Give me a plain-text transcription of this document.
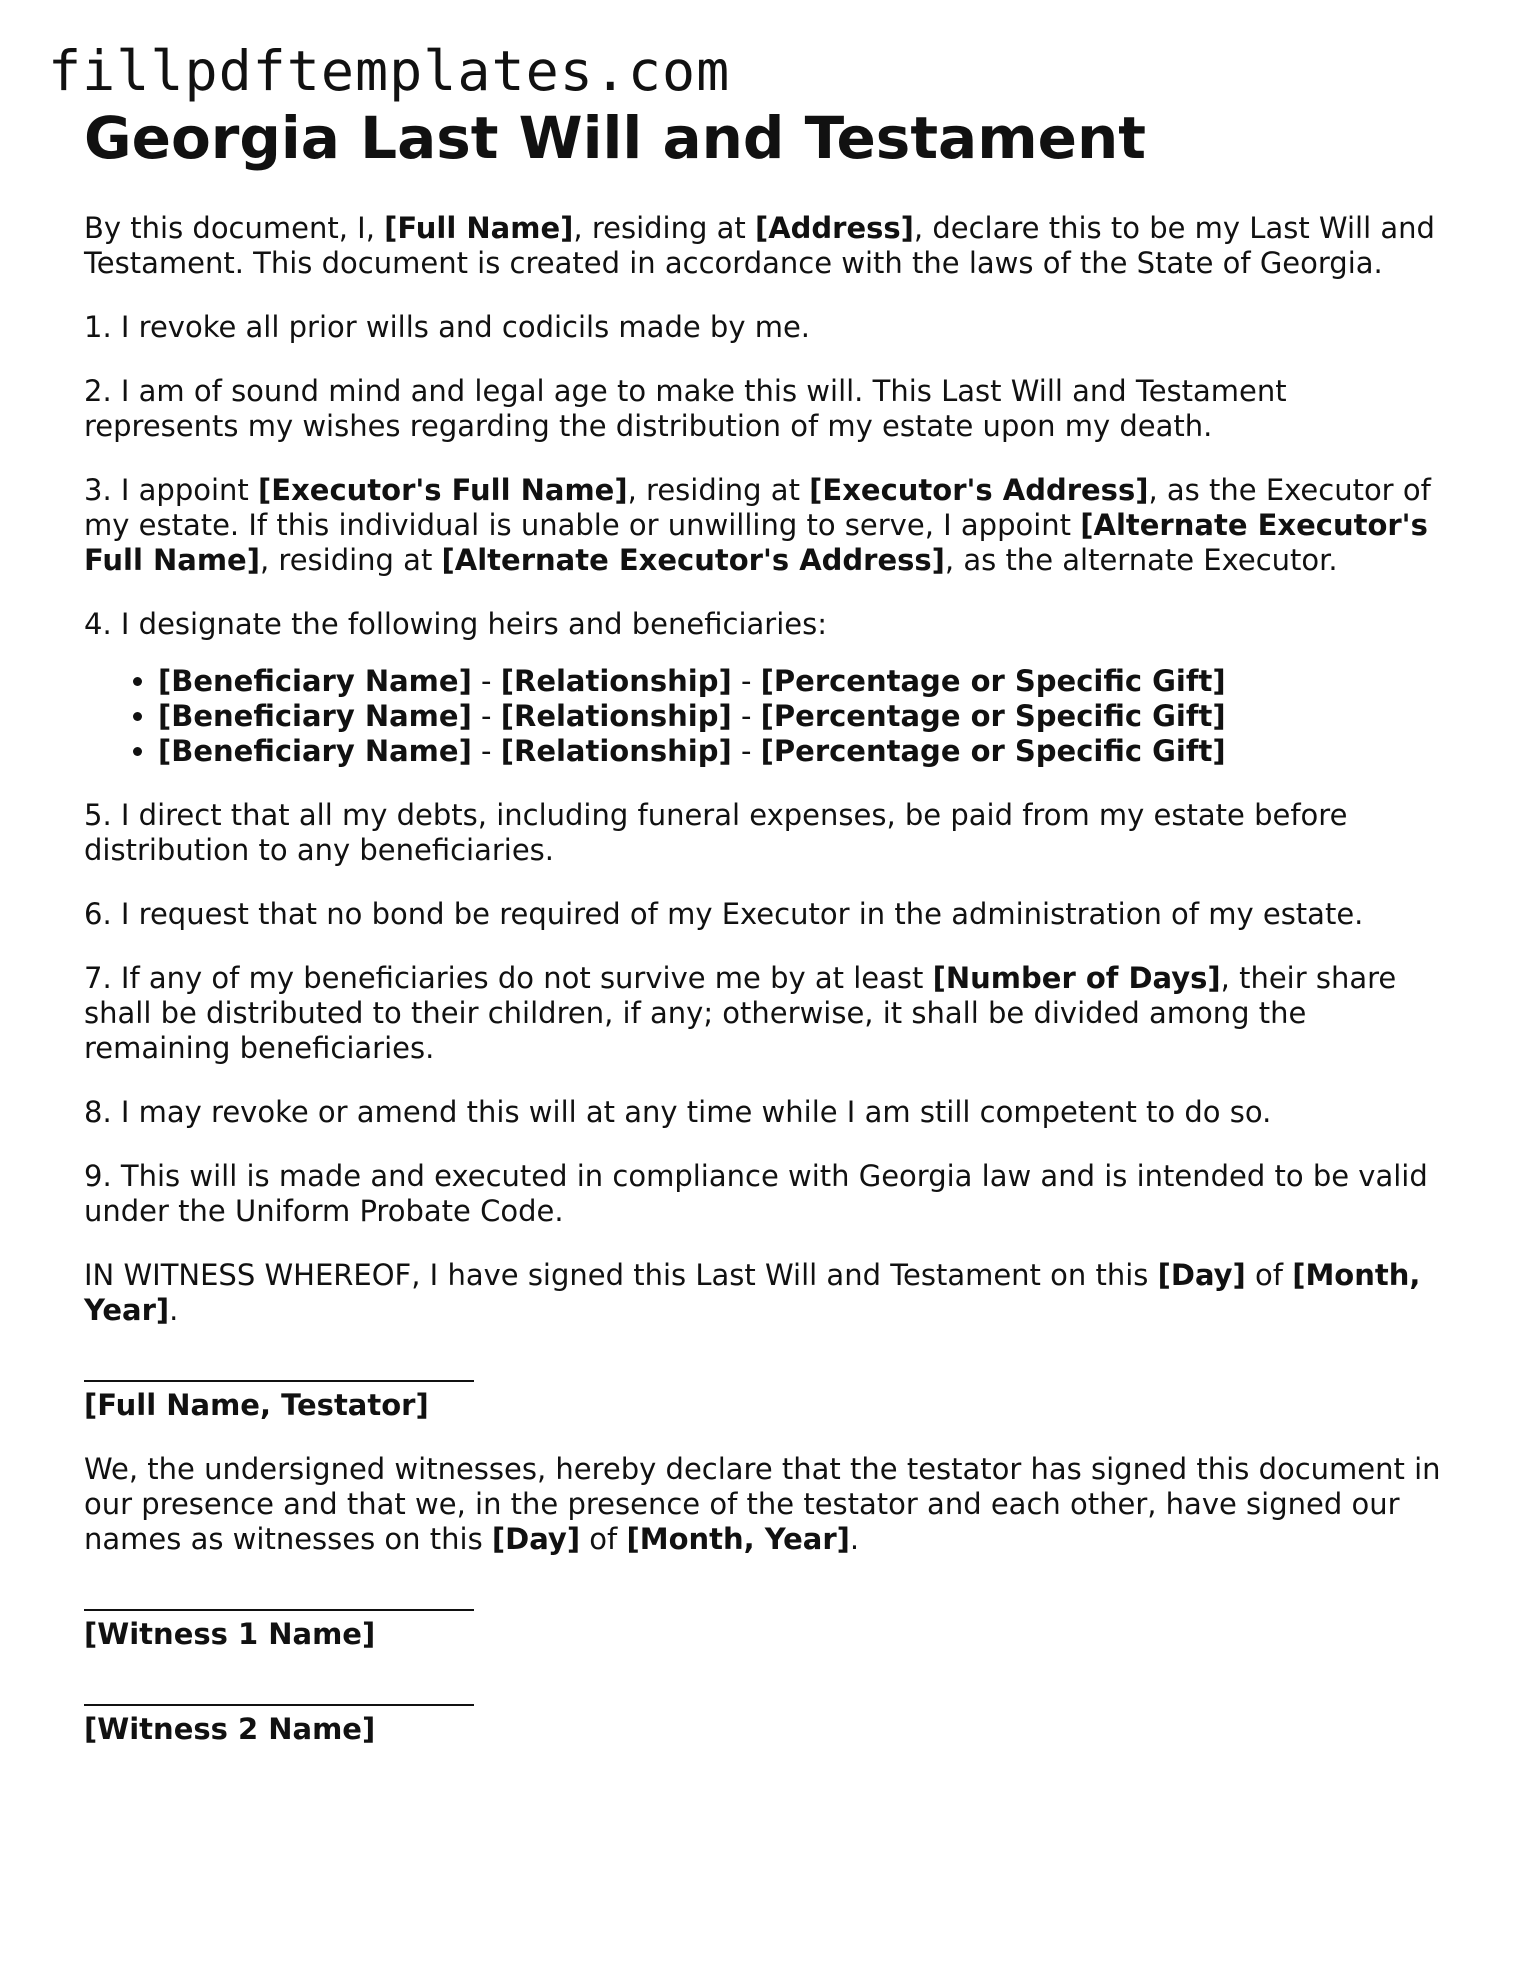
fillpdftemplates.com
Georgia Last Will and Testament

By this document, I, [Full Name], residing at [Address], declare this to be my Last Will and Testament. This document is created in accordance with the laws of the State of Georgia.

1. I revoke all prior wills and codicils made by me.

2. I am of sound mind and legal age to make this will. This Last Will and Testament represents my wishes regarding the distribution of my estate upon my death.

3. I appoint [Executor's Full Name], residing at [Executor's Address], as the Executor of my estate. If this individual is unable or unwilling to serve, I appoint [Alternate Executor's Full Name], residing at [Alternate Executor's Address], as the alternate Executor.

4. I designate the following heirs and beneficiaries:

• [Beneficiary Name] - [Relationship] - [Percentage or Specific Gift]
• [Beneficiary Name] - [Relationship] - [Percentage or Specific Gift]
• [Beneficiary Name] - [Relationship] - [Percentage or Specific Gift]

5. I direct that all my debts, including funeral expenses, be paid from my estate before distribution to any beneficiaries.

6. I request that no bond be required of my Executor in the administration of my estate.

7. If any of my beneficiaries do not survive me by at least [Number of Days], their share shall be distributed to their children, if any; otherwise, it shall be divided among the remaining beneficiaries.

8. I may revoke or amend this will at any time while I am still competent to do so.

9. This will is made and executed in compliance with Georgia law and is intended to be valid under the Uniform Probate Code.

IN WITNESS WHEREOF, I have signed this Last Will and Testament on this [Day] of [Month, Year].

[Full Name, Testator]

We, the undersigned witnesses, hereby declare that the testator has signed this document in our presence and that we, in the presence of the testator and each other, have signed our names as witnesses on this [Day] of [Month, Year].

[Witness 1 Name]
[Witness 2 Name]
